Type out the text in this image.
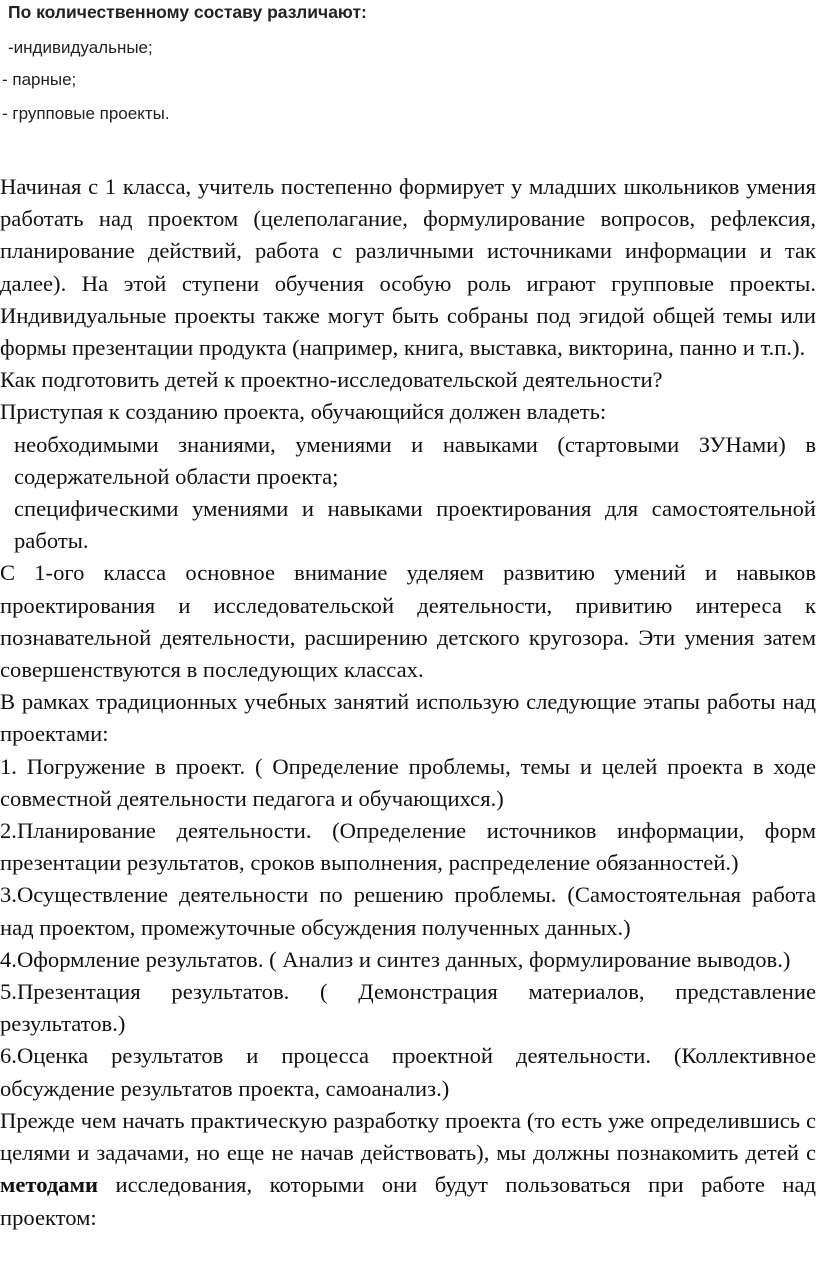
По количественному составу различают:
-индивидуальные;
- парные;
- групповые проекты.

Начиная с 1 класса, учитель постепенно формирует у младших школьников умения работать над проектом (целеполагание, формулирование вопросов, рефлексия, планирование действий, работа с различными источниками информации и так далее). На этой ступени обучения особую роль играют групповые проекты. Индивидуальные проекты также могут быть собраны под эгидой общей темы или формы презентации продукта (например, книга, выставка, викторина, панно и т.п.).

Как подготовить детей к проектно-исследовательской деятельности?

Приступая к созданию проекта, обучающийся должен владеть:

необходимыми знаниями, умениями и навыками (стартовыми ЗУНами) в содержательной области проекта;

специфическими умениями и навыками проектирования для самостоятельной работы.

С 1-ого класса основное внимание уделяем развитию умений и навыков проектирования и исследовательской деятельности, привитию интереса к познавательной деятельности, расширению детского кругозора. Эти умения затем совершенствуются в последующих классах.

В рамках традиционных учебных занятий использую следующие этапы работы над проектами:

1. Погружение в проект. ( Определение проблемы, темы и целей проекта в ходе совместной деятельности педагога и обучающихся.)

2.Планирование деятельности. (Определение источников информации, форм презентации результатов, сроков выполнения, распределение обязанностей.)

3.Осуществление деятельности по решению проблемы. (Самостоятельная работа над проектом, промежуточные обсуждения полученных данных.)

4.Оформление результатов. ( Анализ и синтез данных, формулирование выводов.)

5.Презентация результатов. ( Демонстрация материалов, представление результатов.)

6.Оценка результатов и процесса проектной деятельности. (Коллективное обсуждение результатов проекта, самоанализ.)

Прежде чем начать практическую разработку проекта (то есть уже определившись с целями и задачами, но еще не начав действовать), мы должны познакомить детей с методами исследования, которыми они будут пользоваться при работе над проектом:
